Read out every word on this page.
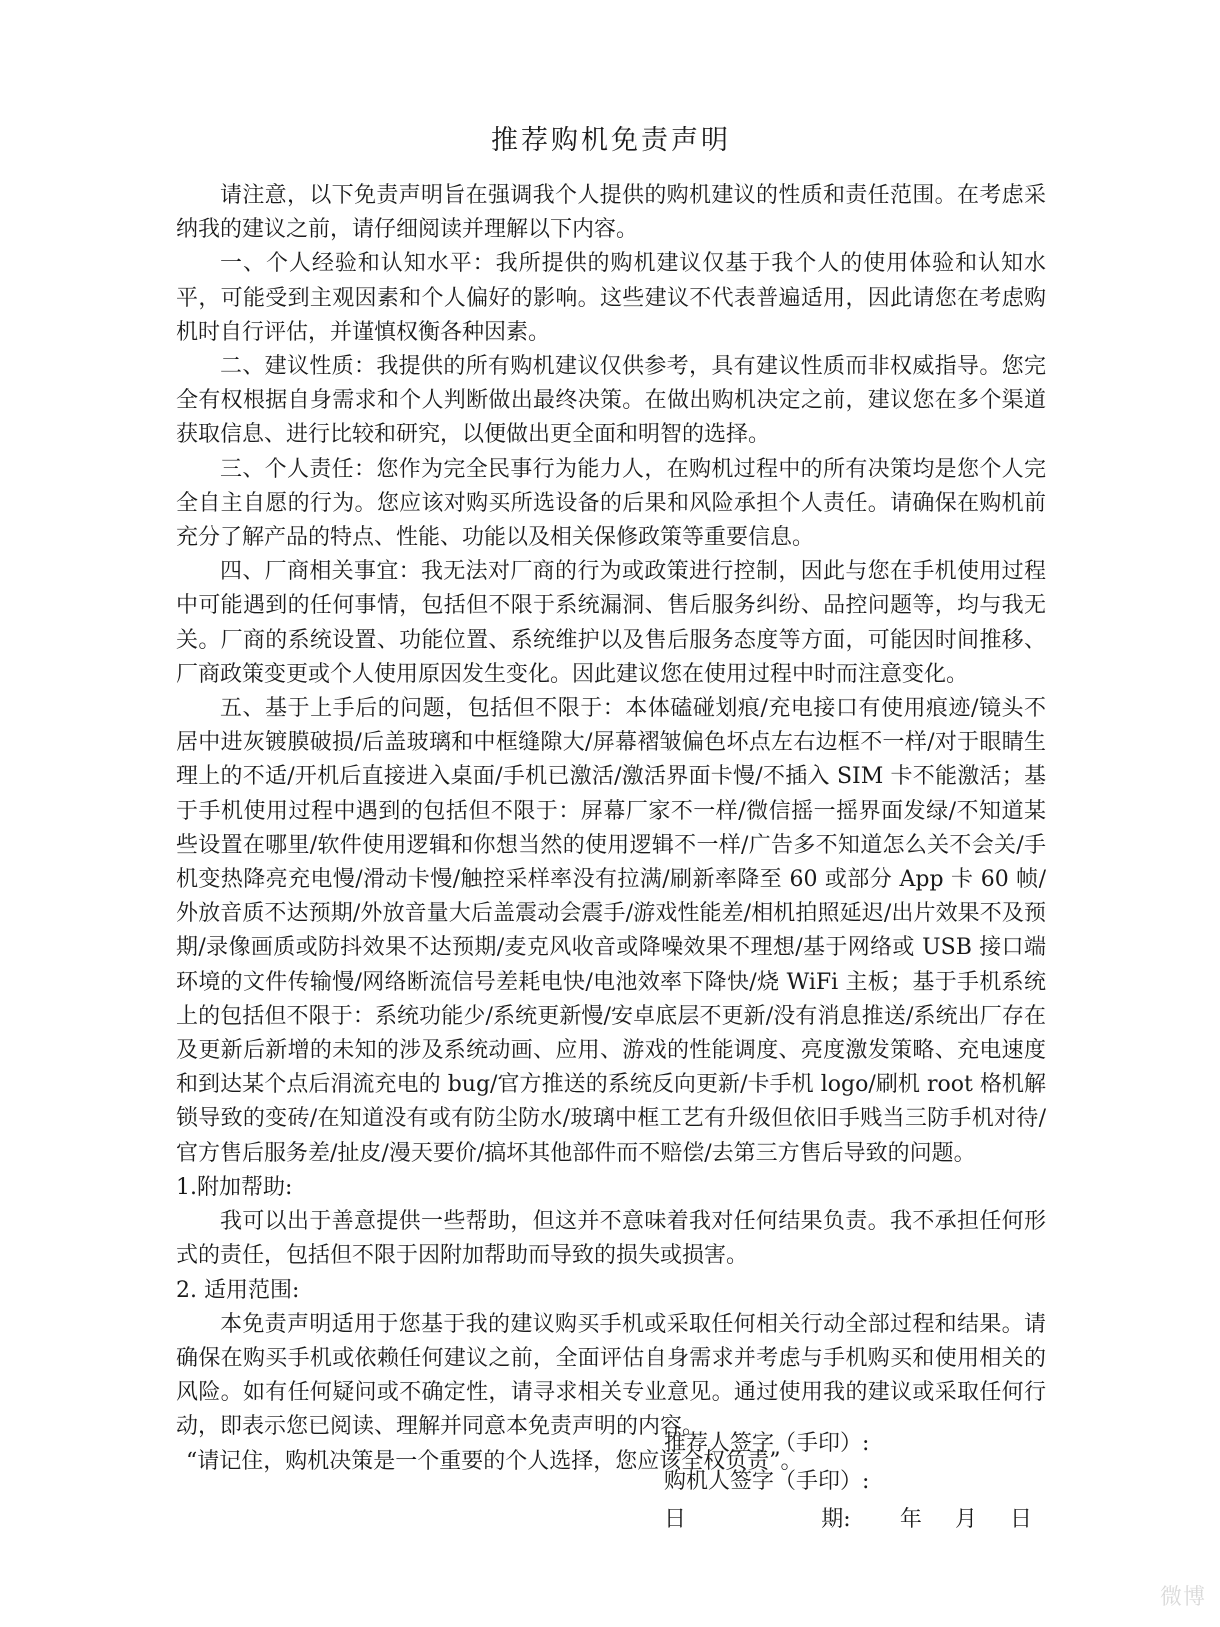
推荐购机免责声明

请注意，以下免责声明旨在强调我个人提供的购机建议的性质和责任范围。在考虑采纳我的建议之前，请仔细阅读并理解以下内容。

一、个人经验和认知水平：我所提供的购机建议仅基于我个人的使用体验和认知水平，可能受到主观因素和个人偏好的影响。这些建议不代表普遍适用，因此请您在考虑购机时自行评估，并谨慎权衡各种因素。

二、建议性质：我提供的所有购机建议仅供参考，具有建议性质而非权威指导。您完全有权根据自身需求和个人判断做出最终决策。在做出购机决定之前，建议您在多个渠道获取信息、进行比较和研究，以便做出更全面和明智的选择。

三、个人责任：您作为完全民事行为能力人，在购机过程中的所有决策均是您个人完全自主自愿的行为。您应该对购买所选设备的后果和风险承担个人责任。请确保在购机前充分了解产品的特点、性能、功能以及相关保修政策等重要信息。

四、厂商相关事宜：我无法对厂商的行为或政策进行控制，因此与您在手机使用过程中可能遇到的任何事情，包括但不限于系统漏洞、售后服务纠纷、品控问题等，均与我无关。厂商的系统设置、功能位置、系统维护以及售后服务态度等方面，可能因时间推移、厂商政策变更或个人使用原因发生变化。因此建议您在使用过程中时而注意变化。

五、基于上手后的问题，包括但不限于：本体磕碰划痕/充电接口有使用痕迹/镜头不居中进灰镀膜破损/后盖玻璃和中框缝隙大/屏幕褶皱偏色坏点左右边框不一样/对于眼睛生理上的不适/开机后直接进入桌面/手机已激活/激活界面卡慢/不插入 SIM 卡不能激活；基于手机使用过程中遇到的包括但不限于：屏幕厂家不一样/微信摇一摇界面发绿/不知道某些设置在哪里/软件使用逻辑和你想当然的使用逻辑不一样/广告多不知道怎么关不会关/手机变热降亮充电慢/滑动卡慢/触控采样率没有拉满/刷新率降至 60 或部分 App 卡 60 帧/外放音质不达预期/外放音量大后盖震动会震手/游戏性能差/相机拍照延迟/出片效果不及预期/录像画质或防抖效果不达预期/麦克风收音或降噪效果不理想/基于网络或 USB 接口端环境的文件传输慢/网络断流信号差耗电快/电池效率下降快/烧 WiFi 主板；基于手机系统上的包括但不限于：系统功能少/系统更新慢/安卓底层不更新/没有消息推送/系统出厂存在及更新后新增的未知的涉及系统动画、应用、游戏的性能调度、亮度激发策略、充电速度和到达某个点后涓流充电的 bug/官方推送的系统反向更新/卡手机 logo/刷机 root 格机解锁导致的变砖/在知道没有或有防尘防水/玻璃中框工艺有升级但依旧手贱当三防手机对待/官方售后服务差/扯皮/漫天要价/搞坏其他部件而不赔偿/去第三方售后导致的问题。

1.附加帮助:

我可以出于善意提供一些帮助，但这并不意味着我对任何结果负责。我不承担任何形式的责任，包括但不限于因附加帮助而导致的损失或损害。

2. 适用范围:

本免责声明适用于您基于我的建议购买手机或采取任何相关行动全部过程和结果。请确保在购买手机或依赖任何建议之前，全面评估自身需求并考虑与手机购买和使用相关的风险。如有任何疑问或不确定性，请寻求相关专业意见。通过使用我的建议或采取任何行动，即表示您已阅读、理解并同意本免责声明的内容。

“请记住，购机决策是一个重要的个人选择，您应该全权负责”。

推荐人签字（手印）:
购机人签字（手印）:
日	期:	年	月	日
微博
